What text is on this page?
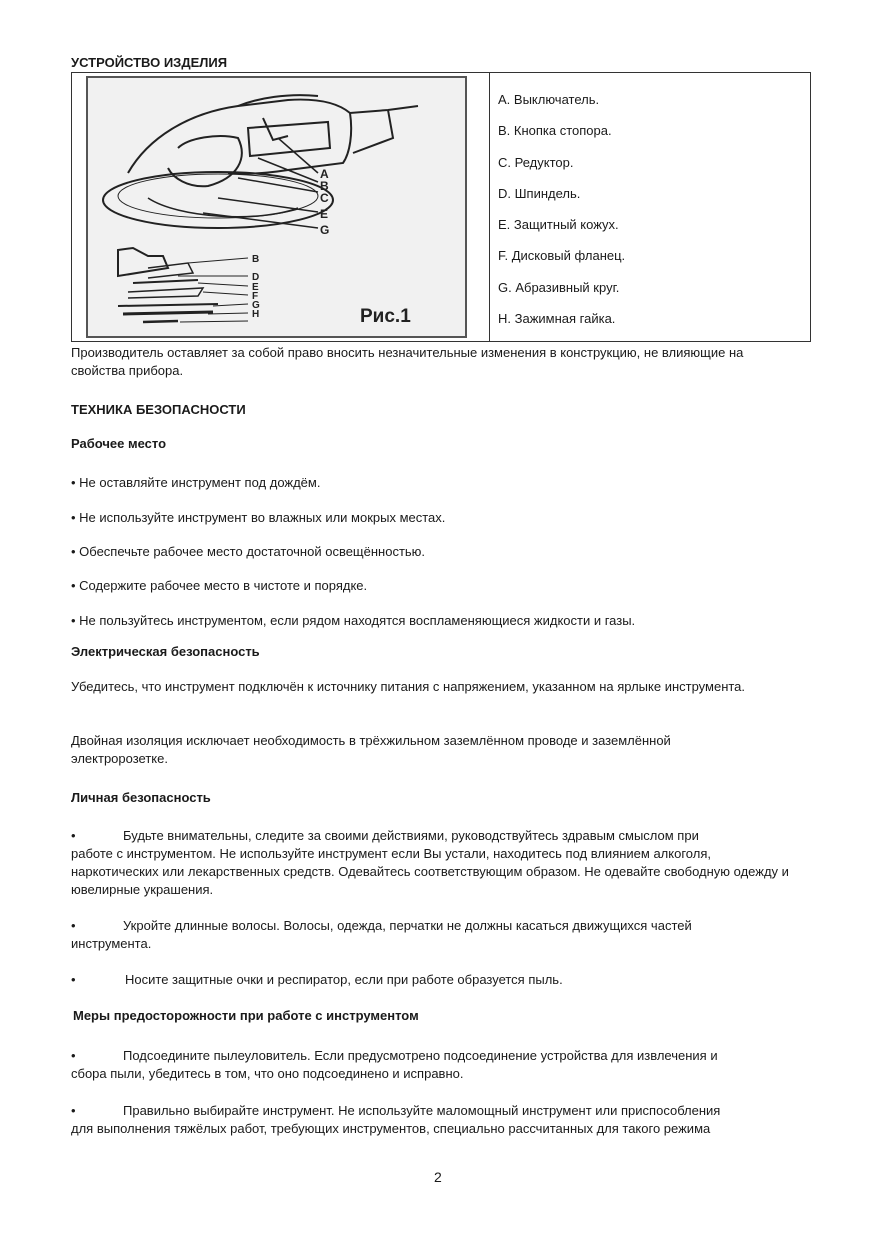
УСТРОЙСТВО ИЗДЕЛИЯ
A
B
C
E
G
B
D
E
F
G
H	Рис.1
A. Выключатель.
B. Кнопка стопора.
C. Редуктор.
D. Шпиндель.
E. Защитный кожух.
F. Дисковый фланец.
G. Абразивный круг.
H. Зажимная гайка.
Производитель оставляет за собой право вносить незначительные изменения в конструкцию, не влияющие на свойства прибора.
ТЕХНИКА БЕЗОПАСНОСТИ
Рабочее место
• Не оставляйте инструмент под дождём.
• Не используйте инструмент во влажных или мокрых местах.
• Обеспечьте рабочее место достаточной освещённостью.
• Содержите рабочее место в чистоте и порядке.
• Не пользуйтесь инструментом, если рядом находятся воспламеняющиеся жидкости и газы.
Электрическая безопасность
Убедитесь, что инструмент подключён к источнику питания с напряжением, указанном на ярлыке инструмента.
Двойная изоляция исключает необходимость в трёхжильном заземлённом проводе и заземлённой электророзетке.
Личная безопасность
•	Будьте внимательны, следите за своими действиями, руководствуйтесь здравым смыслом при
работе с инструментом. Не используйте инструмент если Вы устали, находитесь под влиянием алкоголя, наркотических или лекарственных средств. Одевайтесь соответствующим образом. Не одевайте свободную одежду и ювелирные украшения.
•	Укройте длинные волосы. Волосы, одежда, перчатки не должны касаться движущихся частей
инструмента.
•	Носите защитные очки и респиратор, если при работе образуется пыль.
Меры предосторожности при работе с инструментом
•	Подсоедините пылеуловитель. Если предусмотрено подсоединение устройства для извлечения и
сбора пыли, убедитесь в том, что оно подсоединено и исправно.
•	Правильно выбирайте инструмент. Не используйте маломощный инструмент или приспособления
для выполнения тяжёлых работ, требующих инструментов, специально рассчитанных для такого режима
2
